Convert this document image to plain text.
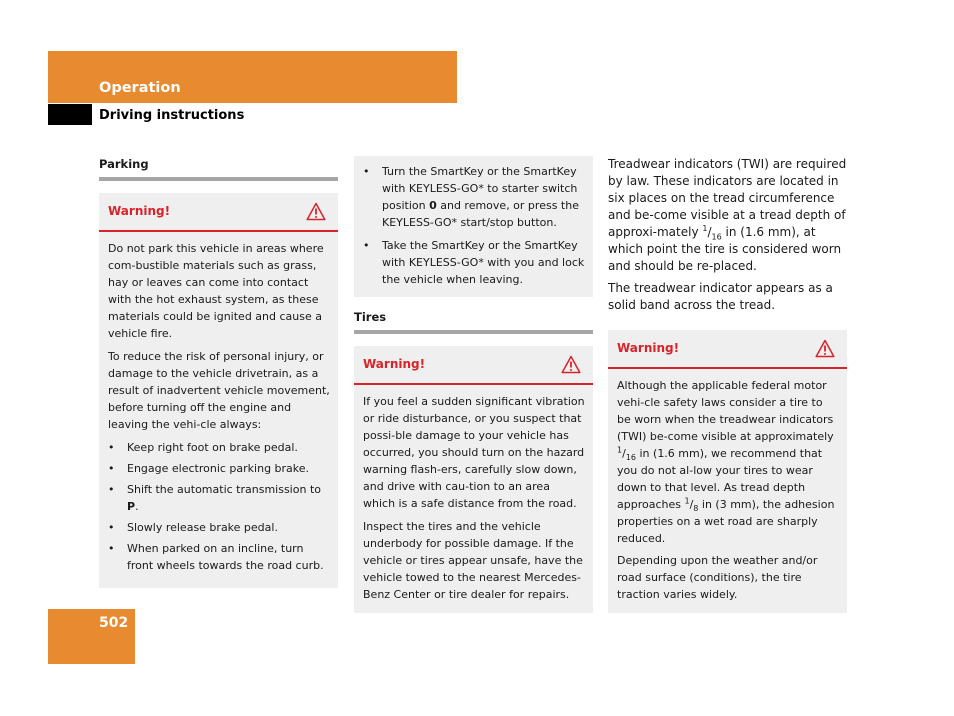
Operation
Driving instructions
Parking
Warning!

Do not park this vehicle in areas where com-bustible materials such as grass, hay or leaves can come into contact with the hot exhaust system, as these materials could be ignited and cause a vehicle fire.

To reduce the risk of personal injury, or damage to the vehicle drivetrain, as a result of inadvertent vehicle movement, before turning off the engine and leaving the vehi-cle always:

• Keep right foot on brake pedal.
• Engage electronic parking brake.
• Shift the automatic transmission to P.
• Slowly release brake pedal.
• When parked on an incline, turn front wheels towards the road curb.
• Turn the SmartKey or the SmartKey with KEYLESS-GO* to starter switch position 0 and remove, or press the KEYLESS-GO* start/stop button.
• Take the SmartKey or the SmartKey with KEYLESS-GO* with you and lock the vehicle when leaving.
Tires
Warning!

If you feel a sudden significant vibration or ride disturbance, or you suspect that possi-ble damage to your vehicle has occurred, you should turn on the hazard warning flash-ers, carefully slow down, and drive with cau-tion to an area which is a safe distance from the road.

Inspect the tires and the vehicle underbody for possible damage. If the vehicle or tires appear unsafe, have the vehicle towed to the nearest Mercedes-Benz Center or tire dealer for repairs.

Treadwear indicators (TWI) are required by law. These indicators are located in six places on the tread circumference and be-come visible at a tread depth of approxi-mately $^1/_{16}$ in (1.6 mm), at which point the tire is considered worn and should be re-placed.

The treadwear indicator appears as a solid band across the tread.

Warning!

Although the applicable federal motor vehi-cle safety laws consider a tire to be worn when the treadwear indicators (TWI) be-come visible at approximately $^1/_{16}$ in (1.6 mm), we recommend that you do not al-low your tires to wear down to that level. As tread depth approaches $^1/_8$ in (3 mm), the adhesion properties on a wet road are sharply reduced.

Depending upon the weather and/or road surface (conditions), the tire traction varies widely.

502
